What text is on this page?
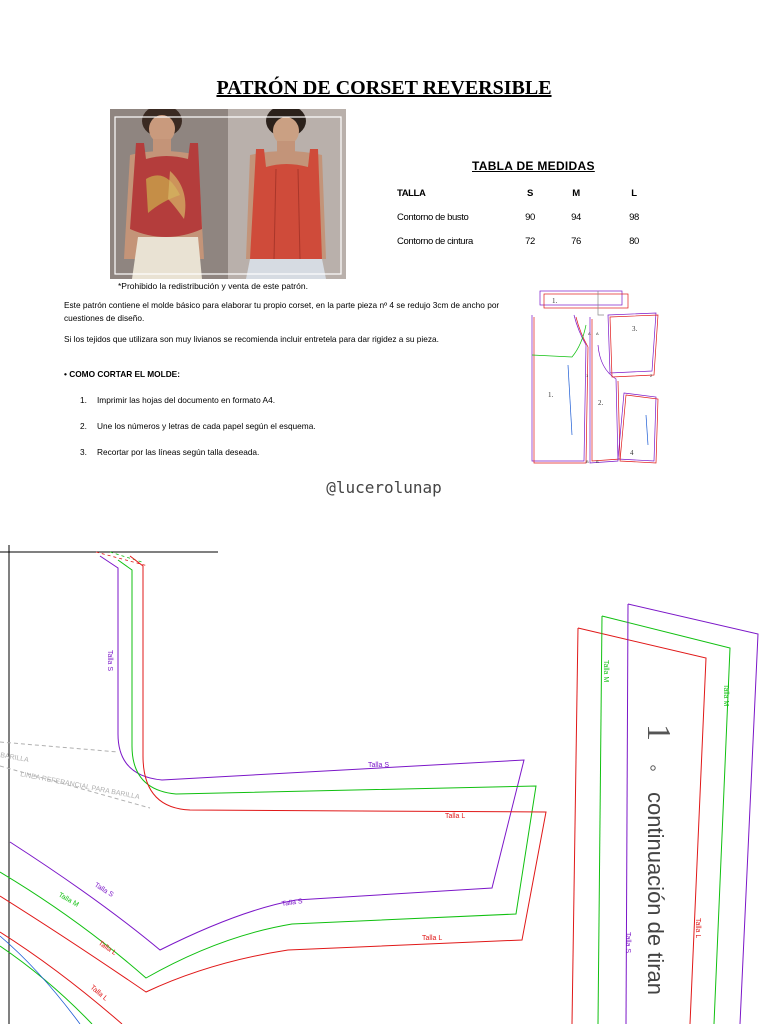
PATRÓN DE CORSET REVERSIBLE
*Prohibido la redistribución y venta de este patrón.
TABLA DE MEDIDAS
TALLA	S	M	L
Contorno de busto	90	94	98
Contorno de cintura	72	76	80
Este patrón contiene el molde básico para elaborar tu propio corset, en la parte pieza nº 4 se redujo 3cm de ancho por cuestiones de diseño.
Si los tejidos que utilizara son muy livianos se recomienda incluir entretela para dar rigidez a su pieza.
• COMO CORTAR EL MOLDE:
1. Imprimir las hojas del documento en formato A4.
2. Une los números y letras de cada papel según el esquema.
3. Recortar por las líneas según talla deseada.
@lucerolunap
1.
2.
3.
4
1.
A A
1	2
B B
Talla S
Talla S
Talla L
Talla S
Talla L
Talla S
Talla M
Talla L
Talla L
BARILLA
LINEA REFERANCIAL PARA BARILLA
Talla M
Talla M
Talla L
Talla S
1
continuación de tiran
